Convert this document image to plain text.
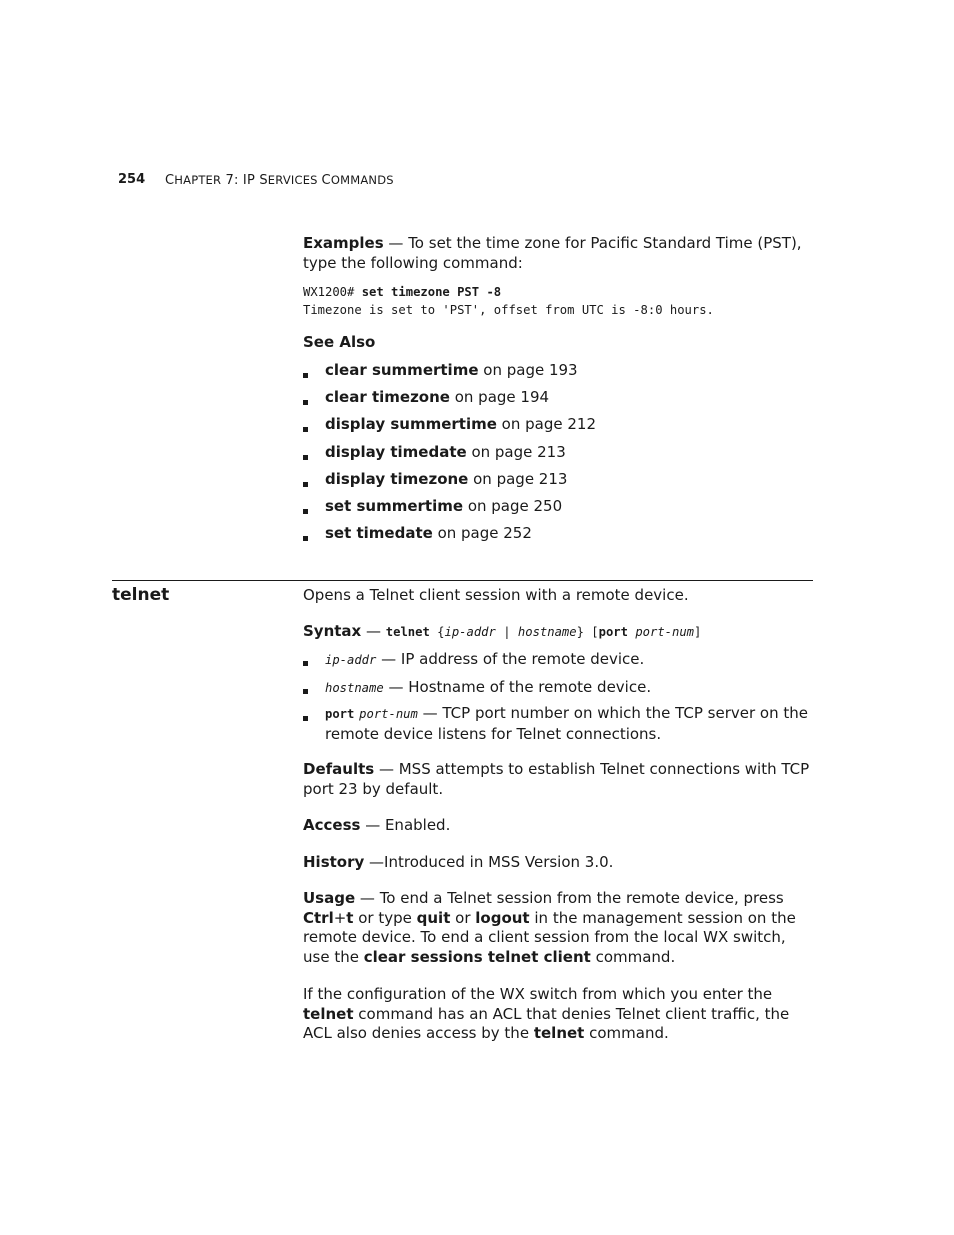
254 CHAPTER 7: IP SERVICES COMMANDS
Examples — To set the time zone for Pacific Standard Time (PST), type the following command:
WX1200# set timezone PST -8
Timezone is set to 'PST', offset from UTC is -8:0 hours.
See Also
clear summertime on page 193
clear timezone on page 194
display summertime on page 212
display timedate on page 213
display timezone on page 213
set summertime on page 250
set timedate on page 252
telnet	Opens a Telnet client session with a remote device.
Syntax — telnet {ip-addr | hostname} [port port-num]
ip-addr — IP address of the remote device.
hostname — Hostname of the remote device.
port port-num — TCP port number on which the TCP server on the remote device listens for Telnet connections.
Defaults — MSS attempts to establish Telnet connections with TCP port 23 by default.
Access — Enabled.
History —Introduced in MSS Version 3.0.
Usage — To end a Telnet session from the remote device, press Ctrl+t or type quit or logout in the management session on the remote device. To end a client session from the local WX switch, use the clear sessions telnet client command.
If the configuration of the WX switch from which you enter the telnet command has an ACL that denies Telnet client traffic, the ACL also denies access by the telnet command.
